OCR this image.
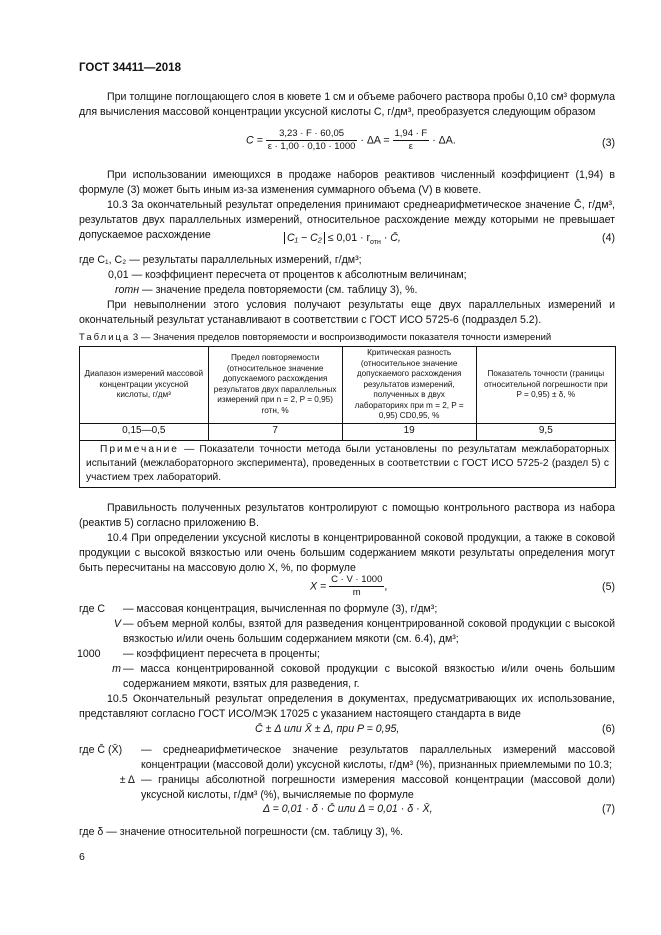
ГОСТ 34411—2018
При толщине поглощающего слоя в кювете 1 см и объеме рабочего раствора пробы 0,10 см³ формула для вычисления массовой концентрации уксусной кислоты C, г/дм³, преобразуется следующим образом
$C = \frac{3,23 \cdot F \cdot 60,05}{\varepsilon \cdot 1,00 \cdot 0,10 \cdot 1000} \cdot \Delta A = \frac{1,94 \cdot F}{\varepsilon} \cdot \Delta A$.	(3)
При использовании имеющихся в продаже наборов реактивов численный коэффициент (1,94) в формуле (3) может быть иным из-за изменения суммарного объема (V) в кювете.
10.3 За окончательный результат определения принимают среднеарифметическое значение C̄, г/дм³, результатов двух параллельных измерений, относительное расхождение между которыми не превышает допускаемое расхождение	$C_1 - C_2 \le 0,01 \cdot r_{отн}$ · C̄,	(4)
где C₁, C₂ — результаты параллельных измерений, г/дм³;
0,01 — коэффициент пересчета от процентов к абсолютным величинам;
rотн — значение предела повторяемости (см. таблицу 3), %.
При невыполнении этого условия получают результаты еще двух параллельных измерений и окончательный результат устанавливают в соответствии с ГОСТ ИСО 5725-6 (подраздел 5.2).
Таблица 3 — Значения пределов повторяемости и воспроизводимости показателя точности измерений
Диапазон измерений массовой концентрации уксусной кислоты, г/дм³	Предел повторяемости (относительное значение допускаемого расхождения результатов двух параллельных измерений при n = 2, P = 0,95) rотн, %	Критическая разность (относительное значение допускаемого расхождения результатов измерений, полученных в двух лабораториях при m = 2, P = 0,95) CD0,95, %	Показатель точности (границы относительной погрешности при P = 0,95) ± δ, %
0,15—0,5	7	19	9,5
Примечание — Показатели точности метода были установлены по результатам межлабораторных испытаний (межлабораторного эксперимента), проведенных в соответствии с ГОСТ ИСО 5725-2 (раздел 5) с участием трех лабораторий.			
Правильность полученных результатов контролируют с помощью контрольного раствора из набора (реактив 5) согласно приложению В.
10.4 При определении уксусной кислоты в концентрированной соковой продукции, а также в соковой продукции с высокой вязкостью или очень большим содержанием мякоти результаты определения могут быть пересчитаны на массовую долю X, %, по формуле
$X = \frac{C \cdot V \cdot 1000}{m}$ ,	(5)
где C	— массовая концентрация, вычисленная по формуле (3), г/дм³;
V — объем мерной колбы, взятой для разведения концентрированной соковой продукции с высокой вязкостью и/или очень большим содержанием мякоти (см. 6.4), дм³;
1000	— коэффициент пересчета в проценты;
m — масса концентрированной соковой продукции с высокой вязкостью и/или очень большим содержанием мякоти, взятых для разведения, г.
10.5 Окончательный результат определения в документах, предусматривающих их использование, представляют согласно ГОСТ ИСО/МЭК 17025 с указанием настоящего стандарта в виде
C̄ ± Δ или X̄ ± Δ, при P = 0,95,	(6)
где C̄ (X̄)	— среднеарифметическое значение результатов параллельных измерений массовой концентрации (массовой доли) уксусной кислоты, г/дм³ (%), признанных приемлемыми по 10.3;
± Δ — границы абсолютной погрешности измерения массовой концентрации (массовой доли) уксусной кислоты, г/дм³ (%), вычисляемые по формуле
Δ = 0,01 · δ · C̄ или Δ = 0,01 · δ · X̄,	(7)
где δ — значение относительной погрешности (см. таблицу 3), %.
6
